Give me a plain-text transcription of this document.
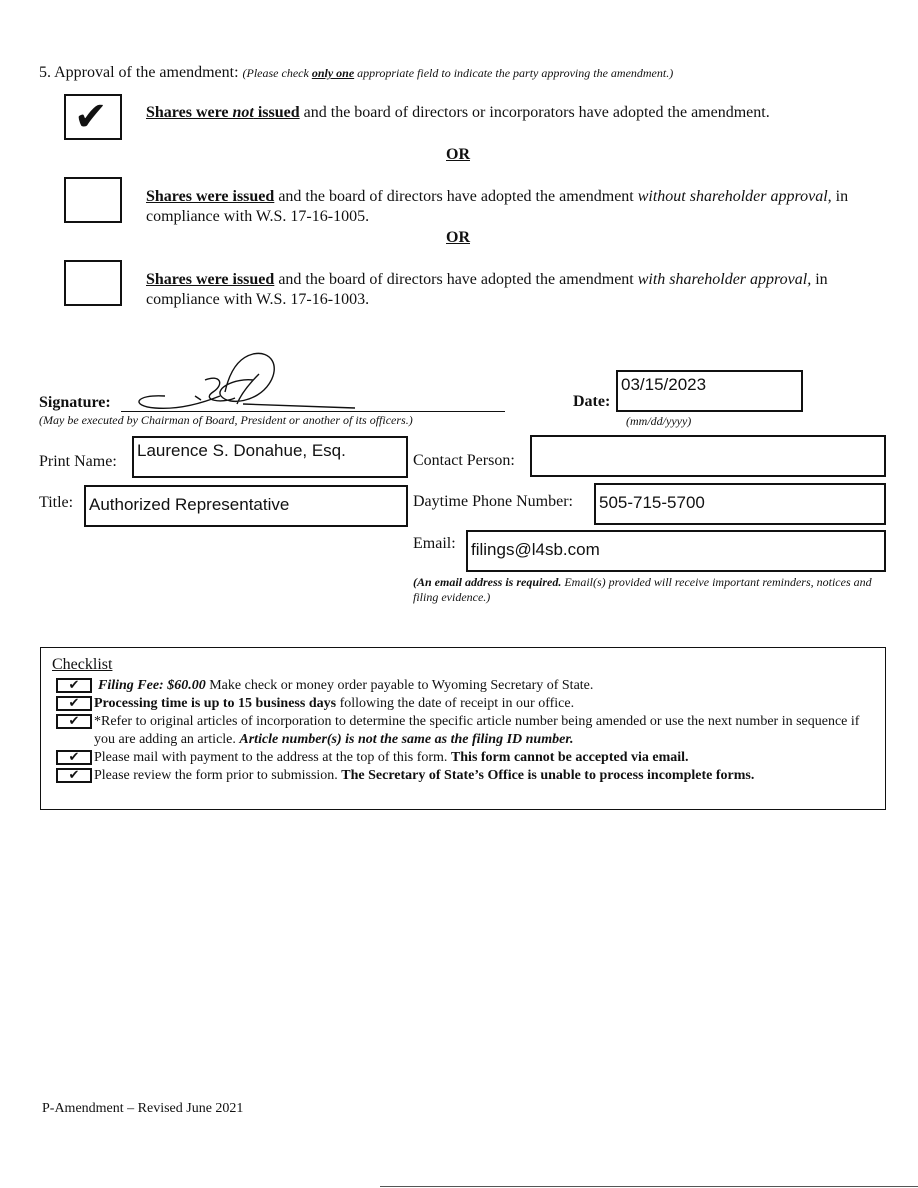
5. Approval of the amendment: (Please check only one appropriate field to indicate the party approving the amendment.)
✔ Shares were not issued and the board of directors or incorporators have adopted the amendment.
OR
Shares were issued and the board of directors have adopted the amendment without shareholder approval, in compliance with W.S. 17-16-1005.
OR
Shares were issued and the board of directors have adopted the amendment with shareholder approval, in compliance with W.S. 17-16-1003.
Signature:
(May be executed by Chairman of Board, President or another of its officers.)
Date:
03/15/2023
(mm/dd/yyyy)
Print Name:
Laurence S. Donahue, Esq.
Contact Person:
Title: Authorized Representative	Daytime Phone Number: 505-715-5700
Email: filings@l4sb.com
(An email address is required. Email(s) provided will receive important reminders, notices and filing evidence.)
Checklist
✔	Filing Fee: $60.00 Make check or money order payable to Wyoming Secretary of State.
✔	Processing time is up to 15 business days following the date of receipt in our office.
✔	*Refer to original articles of incorporation to determine the specific article number being amended or use the next number in sequence if you are adding an article. Article number(s) is not the same as the filing ID number.
✔	Please mail with payment to the address at the top of this form. This form cannot be accepted via email.
✔	Please review the form prior to submission. The Secretary of State’s Office is unable to process incomplete forms.
P-Amendment – Revised June 2021
